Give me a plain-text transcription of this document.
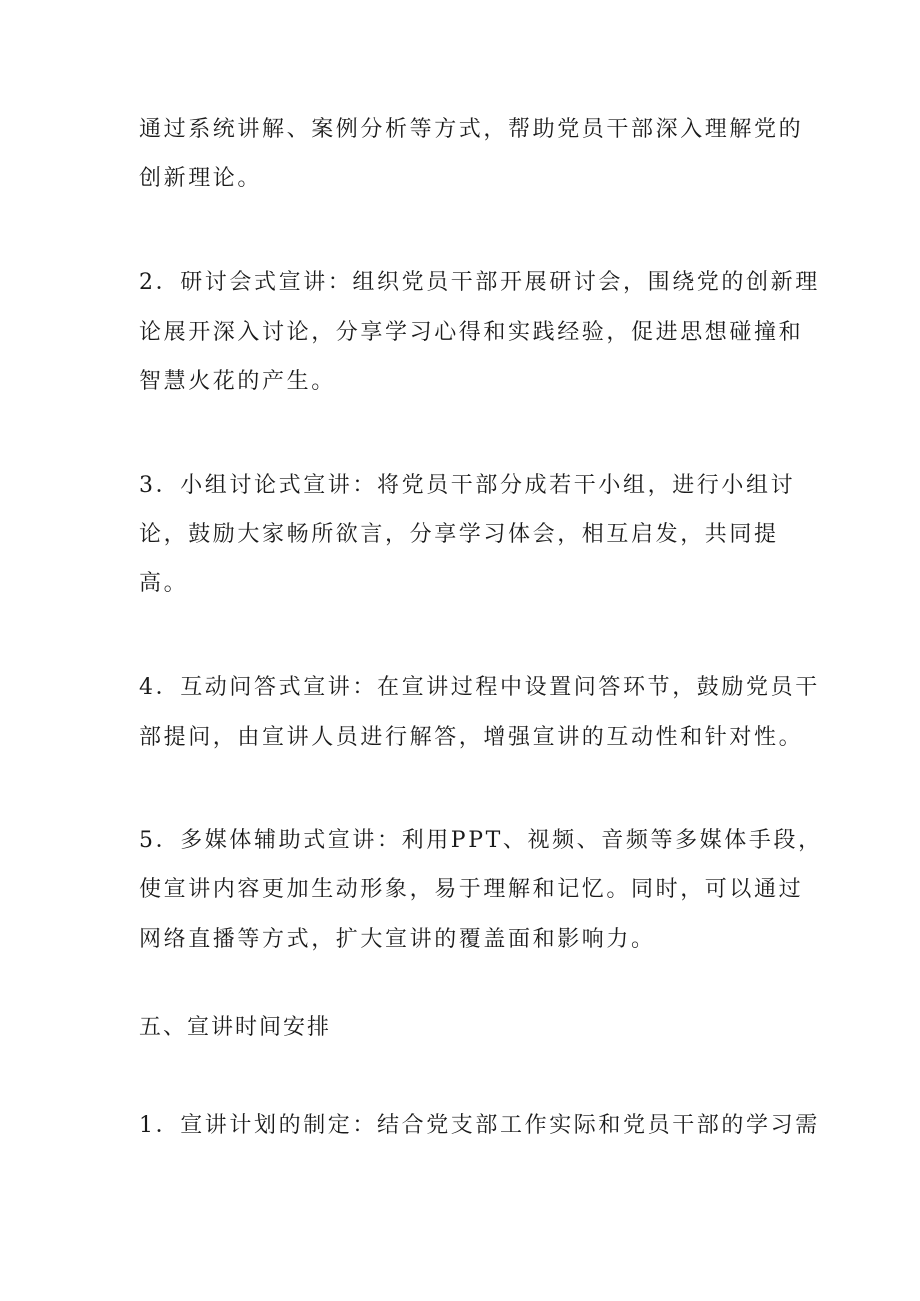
通过系统讲解、案例分析等方式，帮助党员干部深入理解党的

创新理论。

2．研讨会式宣讲：组织党员干部开展研讨会，围绕党的创新理

论展开深入讨论，分享学习心得和实践经验，促进思想碰撞和

智慧火花的产生。

3．小组讨论式宣讲：将党员干部分成若干小组，进行小组讨

论，鼓励大家畅所欲言，分享学习体会，相互启发，共同提

高。

4．互动问答式宣讲：在宣讲过程中设置问答环节，鼓励党员干

部提问，由宣讲人员进行解答，增强宣讲的互动性和针对性。

5．多媒体辅助式宣讲：利用PPT、视频、音频等多媒体手段，

使宣讲内容更加生动形象，易于理解和记忆。同时，可以通过

网络直播等方式，扩大宣讲的覆盖面和影响力。

五、宣讲时间安排

1．宣讲计划的制定：结合党支部工作实际和党员干部的学习需
